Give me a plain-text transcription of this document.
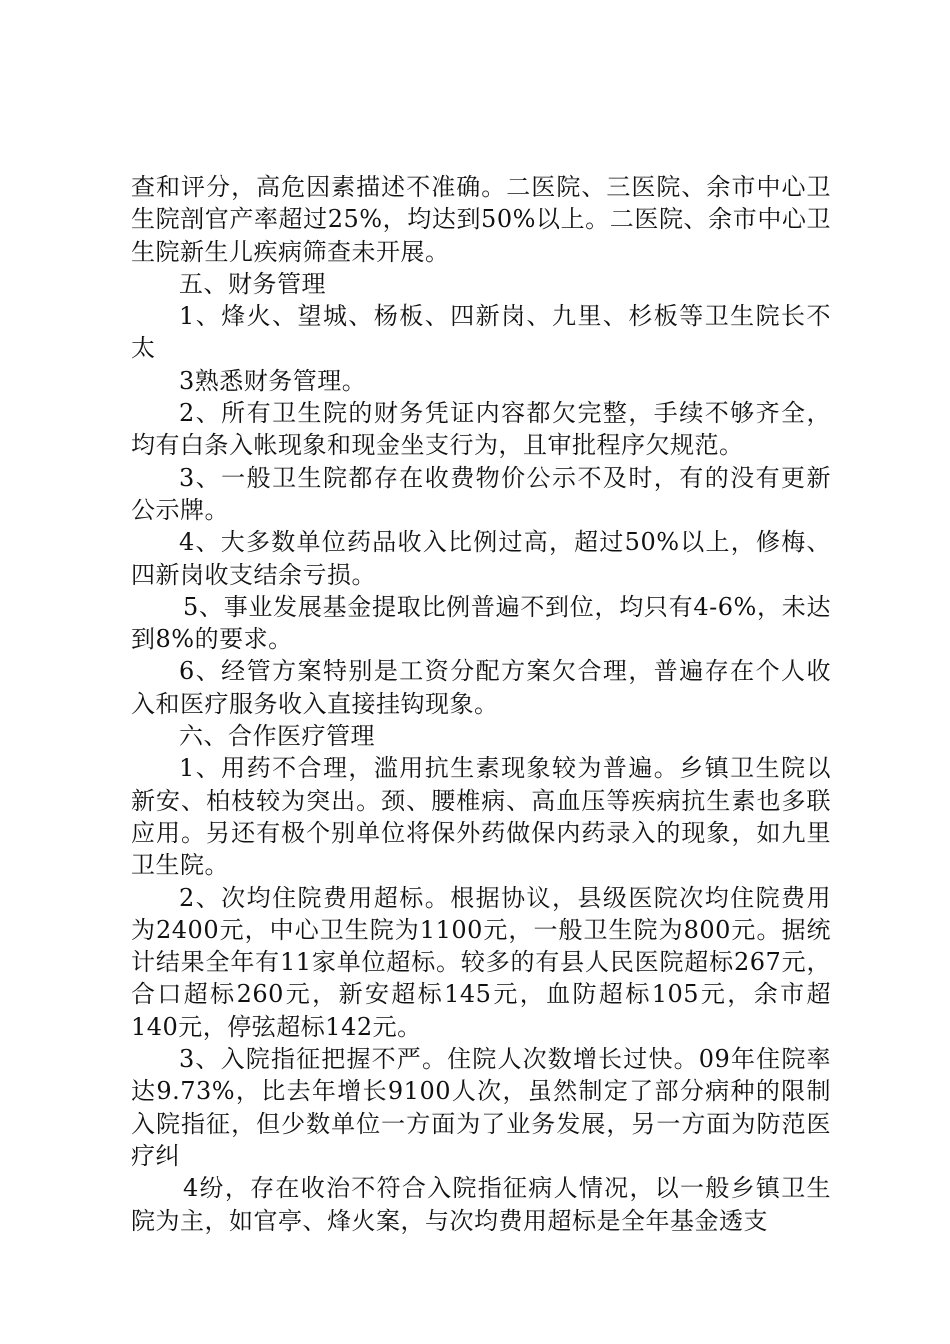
查和评分，高危因素描述不准确。二医院、三医院、余市中心卫生院剖官产率超过25%，均达到50%以上。二医院、余市中心卫生院新生儿疾病筛查未开展。

五、财务管理

1、烽火、望城、杨板、四新岗、九里、杉板等卫生院长不太

3熟悉财务管理。

2、所有卫生院的财务凭证内容都欠完整，手续不够齐全，均有白条入帐现象和现金坐支行为，且审批程序欠规范。

3、一般卫生院都存在收费物价公示不及时，有的没有更新公示牌。

4、大多数单位药品收入比例过高，超过50%以上，修梅、四新岗收支结余亏损。

5、事业发展基金提取比例普遍不到位，均只有4-6%，未达到8%的要求。

6、经管方案特别是工资分配方案欠合理，普遍存在个人收入和医疗服务收入直接挂钩现象。

六、合作医疗管理

1、用药不合理，滥用抗生素现象较为普遍。乡镇卫生院以新安、柏枝较为突出。颈、腰椎病、高血压等疾病抗生素也多联应用。另还有极个别单位将保外药做保内药录入的现象，如九里卫生院。

2、次均住院费用超标。根据协议，县级医院次均住院费用为2400元，中心卫生院为1100元，一般卫生院为800元。据统计结果全年有11家单位超标。较多的有县人民医院超标267元，合口超标260元，新安超标145元，血防超标105元，余市超140元，停弦超标142元。

3、入院指征把握不严。住院人次数增长过快。09年住院率达9.73%，比去年增长9100人次，虽然制定了部分病种的限制入院指征，但少数单位一方面为了业务发展，另一方面为防范医疗纠

4纷，存在收治不符合入院指征病人情况，以一般乡镇卫生院为主，如官亭、烽火案，与次均费用超标是全年基金透支
